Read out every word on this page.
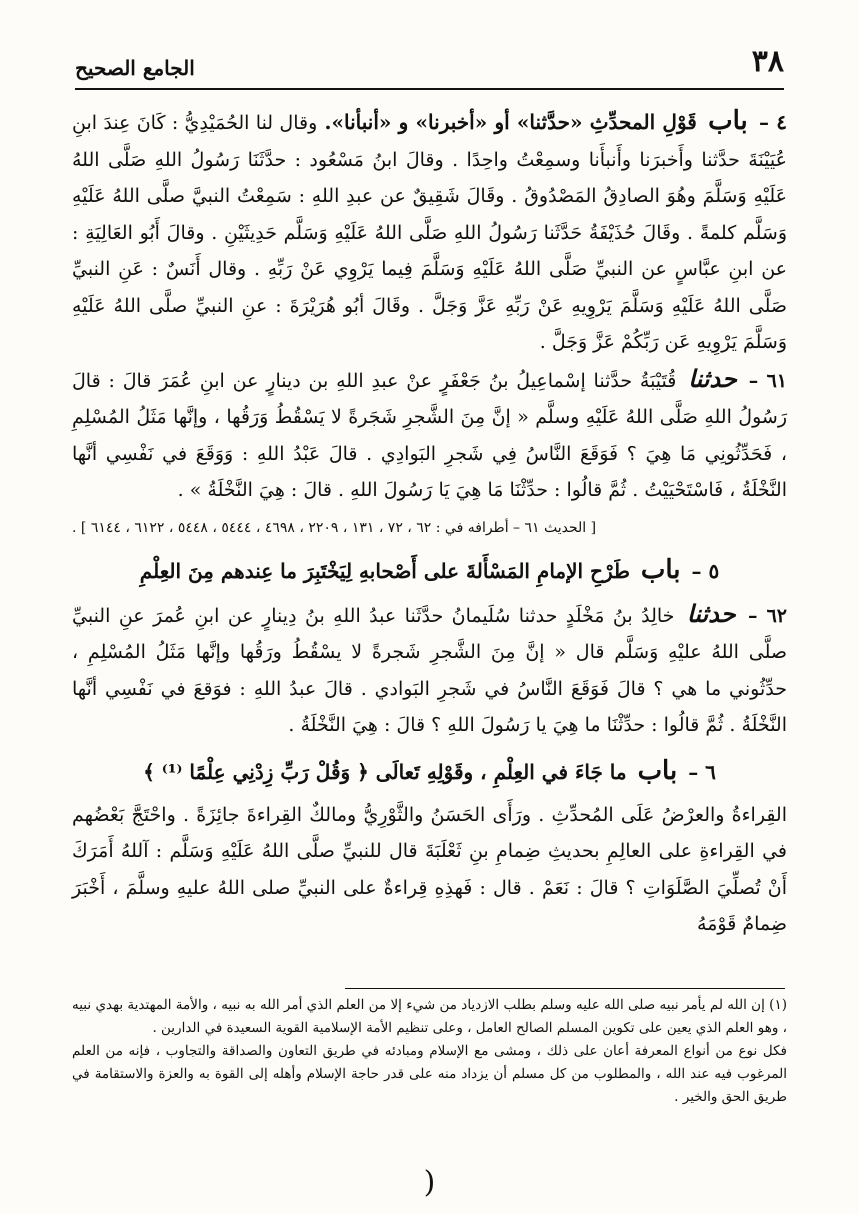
٣٨
الجامع الصحيح

٤ – باب قَوْلِ المحدِّثِ «حدَّثنا» أو «أخبرنا» و «أنبأنا». وقال لنا الحُمَيْدِيُّ : كَانَ عِندَ ابنِ عُيَيْنَةَ حدَّثنا وأَخبرَنا وأَنبأَنا وسمِعْتُ واحِدًا . وقالَ ابنُ مَسْعُود : حدَّثَنَا رَسُولُ اللهِ صَلَّى اللهُ عَلَيْهِ وَسَلَّمَ وهُوَ الصادِقُ المَصْدُوقُ . وقَالَ شَقِيقٌ عن عبدِ اللهِ : سَمِعْتُ النبيَّ صلَّى اللهُ عَلَيْهِ وَسَلَّم كلمةً . وقَالَ حُذَيْفَةُ حَدَّثَنا رَسُولُ اللهِ صَلَّى اللهُ عَلَيْهِ وَسَلَّم حَدِيثَيْنِ . وقالَ أَبُو العَالِيَةِ : عن ابنِ عبَّاسٍ عن النبيِّ صَلَّى اللهُ عَلَيْهِ وَسَلَّمَ فِيما يَرْوِي عَنْ رَبِّهِ . وقال أَنَسٌ : عَنِ النبيِّ صَلَّى اللهُ عَلَيْهِ وَسَلَّمَ يَرْوِيهِ عَنْ رَبِّهِ عَزَّ وَجَلَّ . وقَالَ أبُو هُرَيْرَةَ : عنِ النبيِّ صلَّى اللهُ عَلَيْهِ وَسَلَّمَ يَرْوِيهِ عَن رَبِّكُمْ عَزَّ وَجَلَّ .

٦١ – حدثنا قُتَيْبَةُ حدَّثنا إسْماعِيلُ بنُ جَعْفَرٍ عنْ عبدِ اللهِ بن دينارٍ عن ابنِ عُمَرَ قالَ : قالَ رَسُولُ اللهِ صَلَّى اللهُ عَلَيْهِ وسلَّم « إنَّ مِنَ الشَّجرِ شَجَرةً لا يَسْقُطُ وَرَقُها ، وإنَّها مَثَلُ المُسْلِمِ ، فَحَدِّثُونِي مَا هِيَ ؟ فَوَقَعَ النَّاسُ فِي شَجرِ البَوادِي . قالَ عَبْدُ اللهِ : وَوَقَعَ في نَفْسِي أنَّها النَّخْلَةُ ، فَاسْتَحْيَيْتُ . ثُمَّ قالُوا : حدِّثْنَا مَا هِيَ يَا رَسُولَ اللهِ . قالَ : هِيَ النَّخْلَةُ » .

[ الحديث ٦١ – أطرافه في : ٦٢ ، ٧٢ ، ١٣١ ، ٢٢٠٩ ، ٤٦٩٨ ، ٥٤٤٤ ، ٥٤٤٨ ، ٦١٢٢ ، ٦١٤٤ ] .
٥ – باب طَرْحِ الإمامِ المَسْأَلةَ على أَصْحابهِ لِيَخْتَبِرَ ما عِندهم مِنَ العِلْمِ

٦٢ – حدثنا خالِدُ بنُ مَخْلَدٍ حدثنا سُلَيمانُ حدَّثَنا عبدُ اللهِ بنُ دِينارٍ عن ابنِ عُمرَ عنِ النبيِّ صلَّى اللهُ عليْهِ وَسَلَّم قال « إنَّ مِنَ الشَّجرِ شَجرةً لا يسْقُطُ ورَقُها وإنَّها مَثَلُ المُسْلِمِ ، حدِّثُوني ما هي ؟ قالَ فَوَقَعَ النَّاسُ في شَجرِ البَوادي . قالَ عبدُ اللهِ : فوَقعَ في نَفْسِي أنَّها النَّخْلَةُ . ثُمَّ قالُوا : حدِّثْنَا ما هِيَ يا رَسُولَ اللهِ ؟ قالَ : هِيَ النَّخْلَةُ .

٦ – باب ما جَاءَ في العِلْمِ ، وقَوْلِهِ تَعالَى ﴿ وَقُلْ رَبِّ زِدْنِي عِلْمًا ⁽¹⁾ ﴾

القِراءةُ والعرْضُ عَلَى المُحدِّثِ . ورَأَى الحَسَنُ والثَّوْرِيُّ ومالكٌ القِراءةَ جائِزَةً . واحْتَجَّ بَعْضُهم في القِراءةِ على العالِمِ بحديثِ ضِمامِ بنِ ثَعْلَبَةَ قال للنبيِّ صلَّى اللهُ عَلَيْهِ وَسَلَّم : آللهُ أَمَرَكَ أَنْ تُصلِّيَ الصَّلَوَاتِ ؟ قالَ : نَعَمْ . قال : فَهذِهِ قِراءةٌ على النبيِّ صلى اللهُ عليهِ وسلَّمَ ، أَخْبَرَ ضِمامٌ قَوْمَهُ

(١) إن الله لم يأمر نبيه صلى الله عليه وسلم بطلب الازدياد من شيء إلا من العلم الذي أمر الله به نبيه ، والأمة المهتدية بهدي نبيه ، وهو العلم الذي يعين على تكوين المسلم الصالح العامل ، وعلى تنظيم الأمة الإسلامية القوية السعيدة في الدارين .

فكل نوع من أنواع المعرفة أعان على ذلك ، ومشى مع الإسلام ومبادئه في طريق التعاون والصداقة والتجاوب ، فإنه من العلم المرغوب فيه عند الله ، والمطلوب من كل مسلم أن يزداد منه على قدر حاجة الإسلام وأهله إلى القوة به والعزة والاستقامة في طريق الحق والخير .

(
